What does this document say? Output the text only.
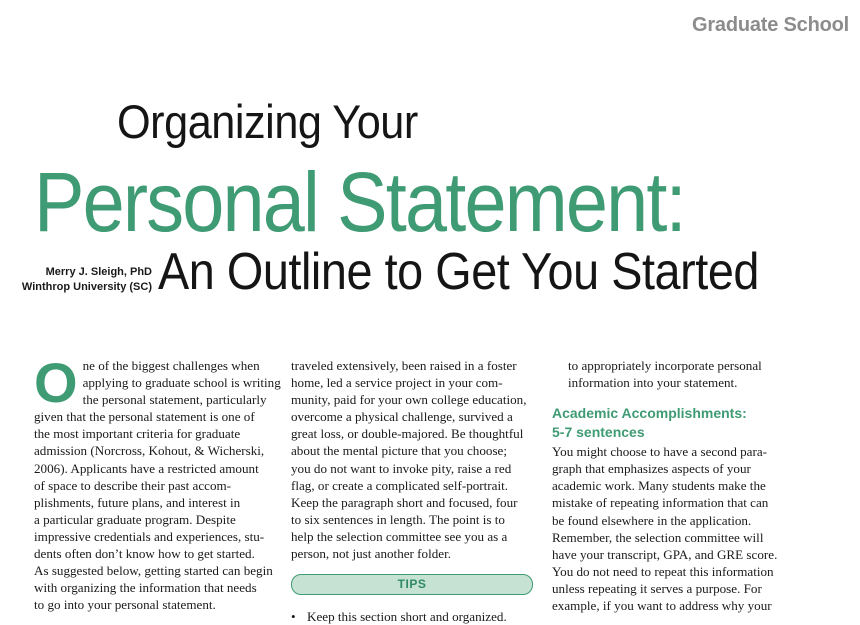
Graduate School
Organizing Your
Personal Statement:
An Outline to Get You Started
Merry J. Sleigh, PhD
Winthrop University (SC)
O ne of the biggest challenges when
applying to graduate school is writing
the personal statement, particularly
given that the personal statement is one of
the most important criteria for graduate
admission (Norcross, Kohout, & Wicherski,
2006). Applicants have a restricted amount
of space to describe their past accom-
plishments, future plans, and interest in
a particular graduate program. Despite
impressive credentials and experiences, stu-
dents often don’t know how to get started.
As suggested below, getting started can begin
with organizing the information that needs
to go into your personal statement.
traveled extensively, been raised in a foster
home, led a service project in your com-
munity, paid for your own college education,
overcome a physical challenge, survived a
great loss, or double-majored. Be thoughtful
about the mental picture that you choose;
you do not want to invoke pity, raise a red
flag, or create a complicated self-portrait.
Keep the paragraph short and focused, four
to six sentences in length. The point is to
help the selection committee see you as a
person, not just another folder.
TIPS
• Keep this section short and organized.
to appropriately incorporate personal
information into your statement.

Academic Accomplishments:
5-7 sentences

You might choose to have a second para-
graph that emphasizes aspects of your
academic work. Many students make the
mistake of repeating information that can
be found elsewhere in the application.
Remember, the selection committee will
have your transcript, GPA, and GRE score.
You do not need to repeat this information
unless repeating it serves a purpose. For
example, if you want to address why your
